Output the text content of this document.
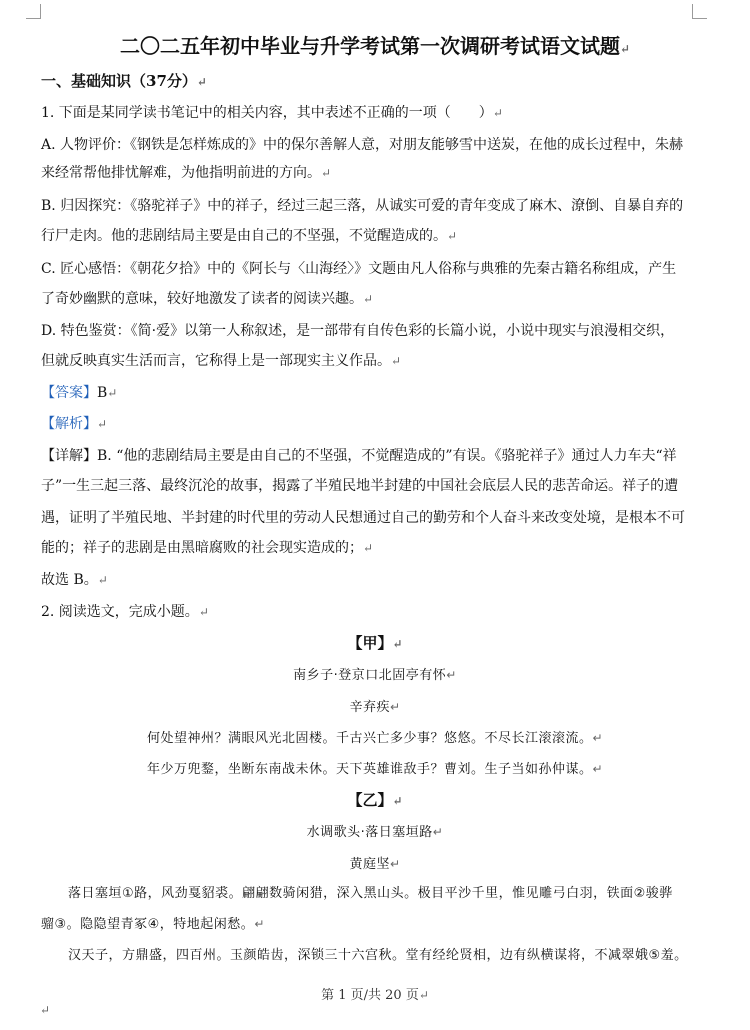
二〇二五年初中毕业与升学考试第一次调研考试语文试题↵
一、基础知识（37分）↵
1. 下面是某同学读书笔记中的相关内容，其中表述不正确的一项（　　）↵
A. 人物评价：《钢铁是怎样炼成的》中的保尔善解人意，对朋友能够雪中送炭，在他的成长过程中，朱赫
来经常帮他排忧解难，为他指明前进的方向。↵
B. 归因探究：《骆驼祥子》中的祥子，经过三起三落，从诚实可爱的青年变成了麻木、潦倒、自暴自弃的
行尸走肉。他的悲剧结局主要是由自己的不坚强，不觉醒造成的。↵
C. 匠心感悟：《朝花夕拾》中的《阿长与〈山海经〉》文题由凡人俗称与典雅的先秦古籍名称组成，产生
了奇妙幽默的意味，较好地激发了读者的阅读兴趣。↵
D. 特色鉴赏：《简·爱》以第一人称叙述，是一部带有自传色彩的长篇小说，小说中现实与浪漫相交织，
但就反映真实生活而言，它称得上是一部现实主义作品。↵
【答案】B↵
【解析】↵
【详解】B. “他的悲剧结局主要是由自己的不坚强，不觉醒造成的”有误。《骆驼祥子》通过人力车夫“祥
子”一生三起三落、最终沉沦的故事，揭露了半殖民地半封建的中国社会底层人民的悲苦命运。祥子的遭
遇，证明了半殖民地、半封建的时代里的劳动人民想通过自己的勤劳和个人奋斗来改变处境，是根本不可
能的；祥子的悲剧是由黑暗腐败的社会现实造成的；↵
故选 B。↵
2. 阅读选文，完成小题。↵
【甲】↵
南乡子·登京口北固亭有怀↵
辛弃疾↵
何处望神州？满眼风光北固楼。千古兴亡多少事？悠悠。不尽长江滚滚流。↵
年少万兜鍪，坐断东南战未休。天下英雄谁敌手？曹刘。生子当如孙仲谋。↵
【乙】↵
水调歌头·落日塞垣路↵
黄庭坚↵
落日塞垣①路，风劲戛貂裘。翩翩数骑闲猎，深入黑山头。极目平沙千里，惟见雕弓白羽，铁面②骏骅
骝③。隐隐望青冢④，特地起闲愁。↵
汉天子，方鼎盛，四百州。玉颜皓齿，深锁三十六宫秋。堂有经纶贤相，边有纵横谋将，不减翠娥⑤羞。
第 1 页/共 20 页↵
↵
